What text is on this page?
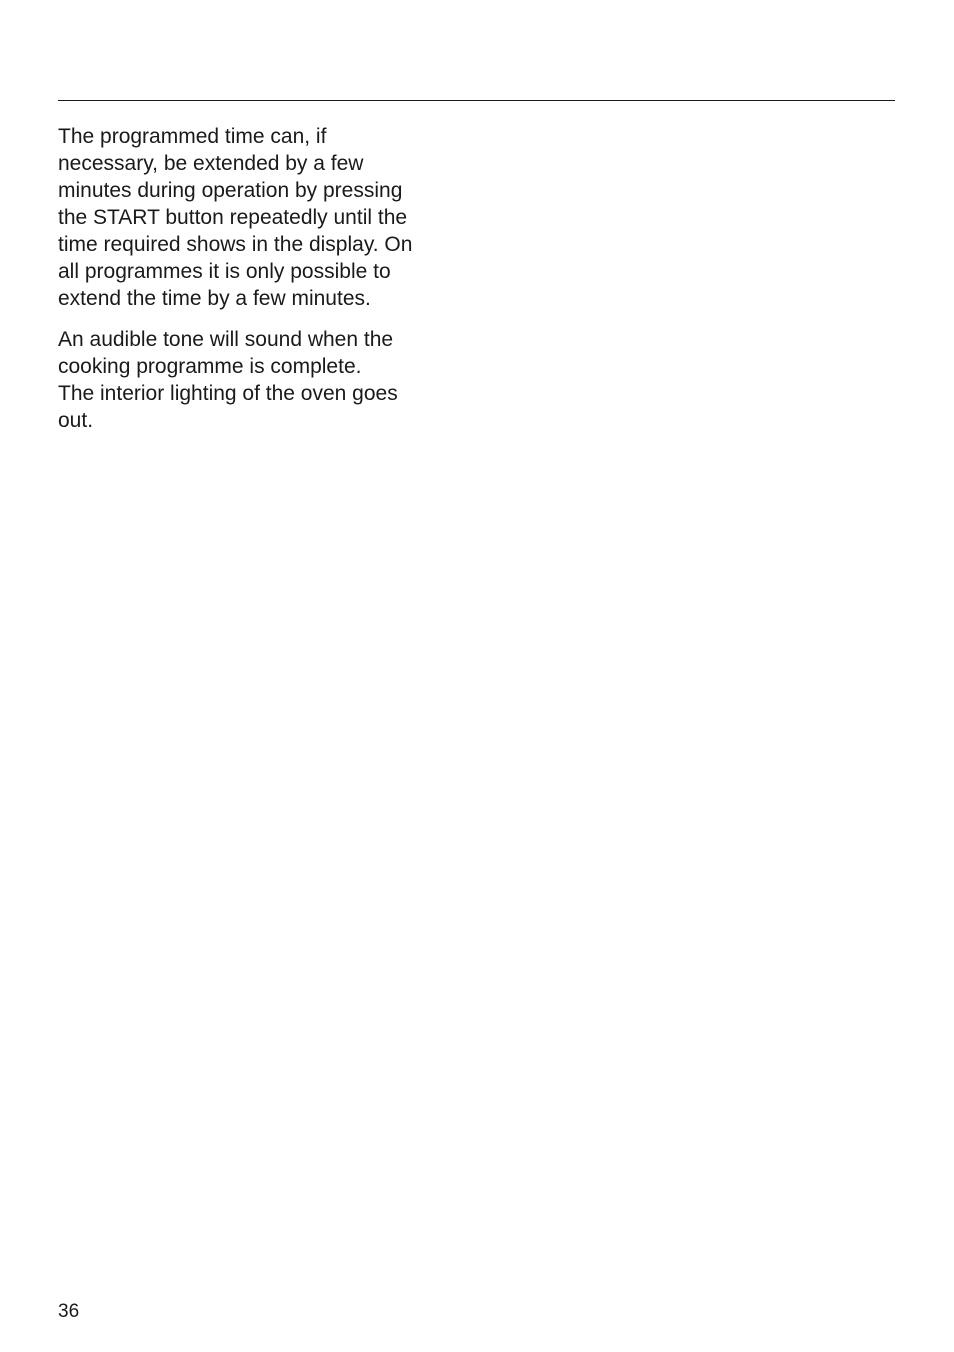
The programmed time can, if
necessary, be extended by a few
minutes during operation by pressing
the START button repeatedly until the
time required shows in the display. On
all programmes it is only possible to
extend the time by a few minutes.

An audible tone will sound when the
cooking programme is complete.
The interior lighting of the oven goes
out.

36
